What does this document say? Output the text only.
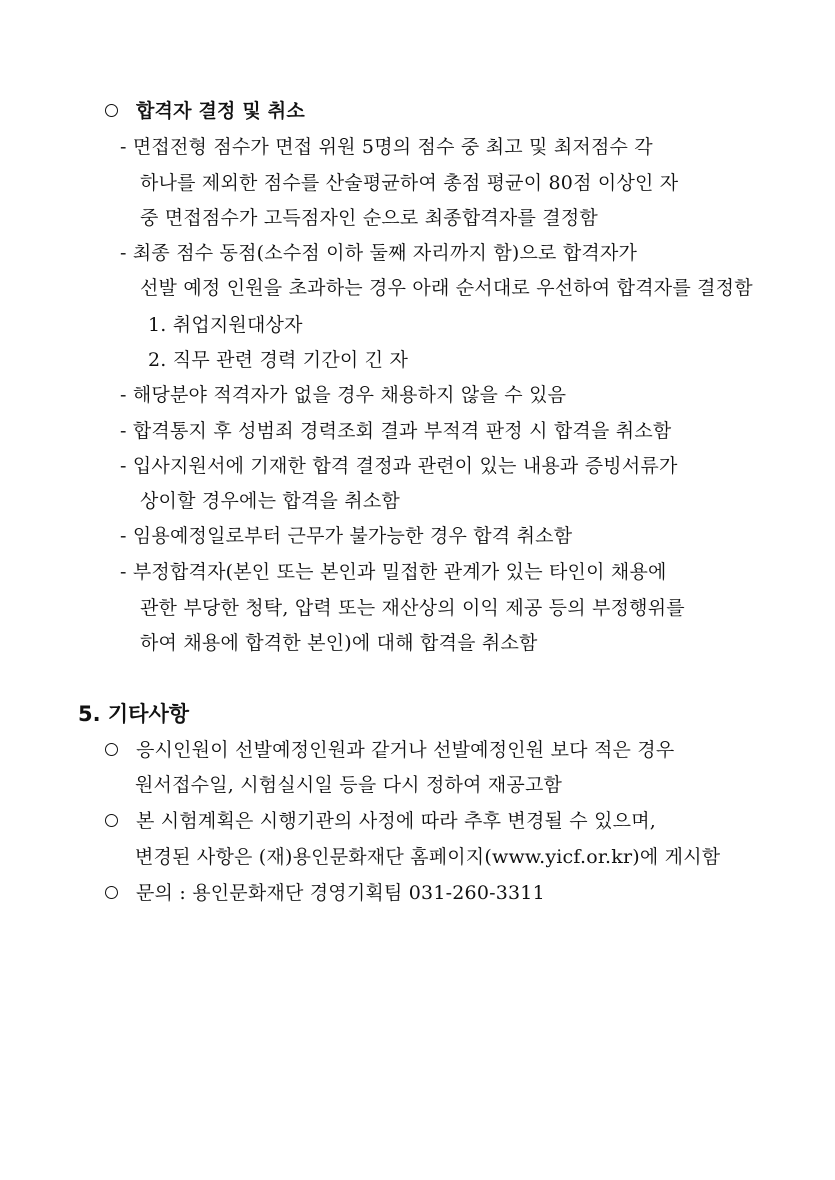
합격자 결정 및 취소
- 면접전형 점수가 면접 위원 5명의 점수 중 최고 및 최저점수 각
하나를 제외한 점수를 산술평균하여 총점 평균이 80점 이상인 자
중 면접점수가 고득점자인 순으로 최종합격자를 결정함
- 최종 점수 동점(소수점 이하 둘째 자리까지 함)으로 합격자가
선발 예정 인원을 초과하는 경우 아래 순서대로 우선하여 합격자를 결정함
1. 취업지원대상자
2. 직무 관련 경력 기간이 긴 자
- 해당분야 적격자가 없을 경우 채용하지 않을 수 있음
- 합격통지 후 성범죄 경력조회 결과 부적격 판정 시 합격을 취소함
- 입사지원서에 기재한 합격 결정과 관련이 있는 내용과 증빙서류가
상이할 경우에는 합격을 취소함
- 임용예정일로부터 근무가 불가능한 경우 합격 취소함
- 부정합격자(본인 또는 본인과 밀접한 관계가 있는 타인이 채용에
관한 부당한 청탁, 압력 또는 재산상의 이익 제공 등의 부정행위를
하여 채용에 합격한 본인)에 대해 합격을 취소함
5. 기타사항
응시인원이 선발예정인원과 같거나 선발예정인원 보다 적은 경우
원서접수일, 시험실시일 등을 다시 정하여 재공고함
본 시험계획은 시행기관의 사정에 따라 추후 변경될 수 있으며,
변경된 사항은 (재)용인문화재단 홈페이지(www.yicf.or.kr)에 게시함
문의 : 용인문화재단 경영기획팀 031-260-3311
